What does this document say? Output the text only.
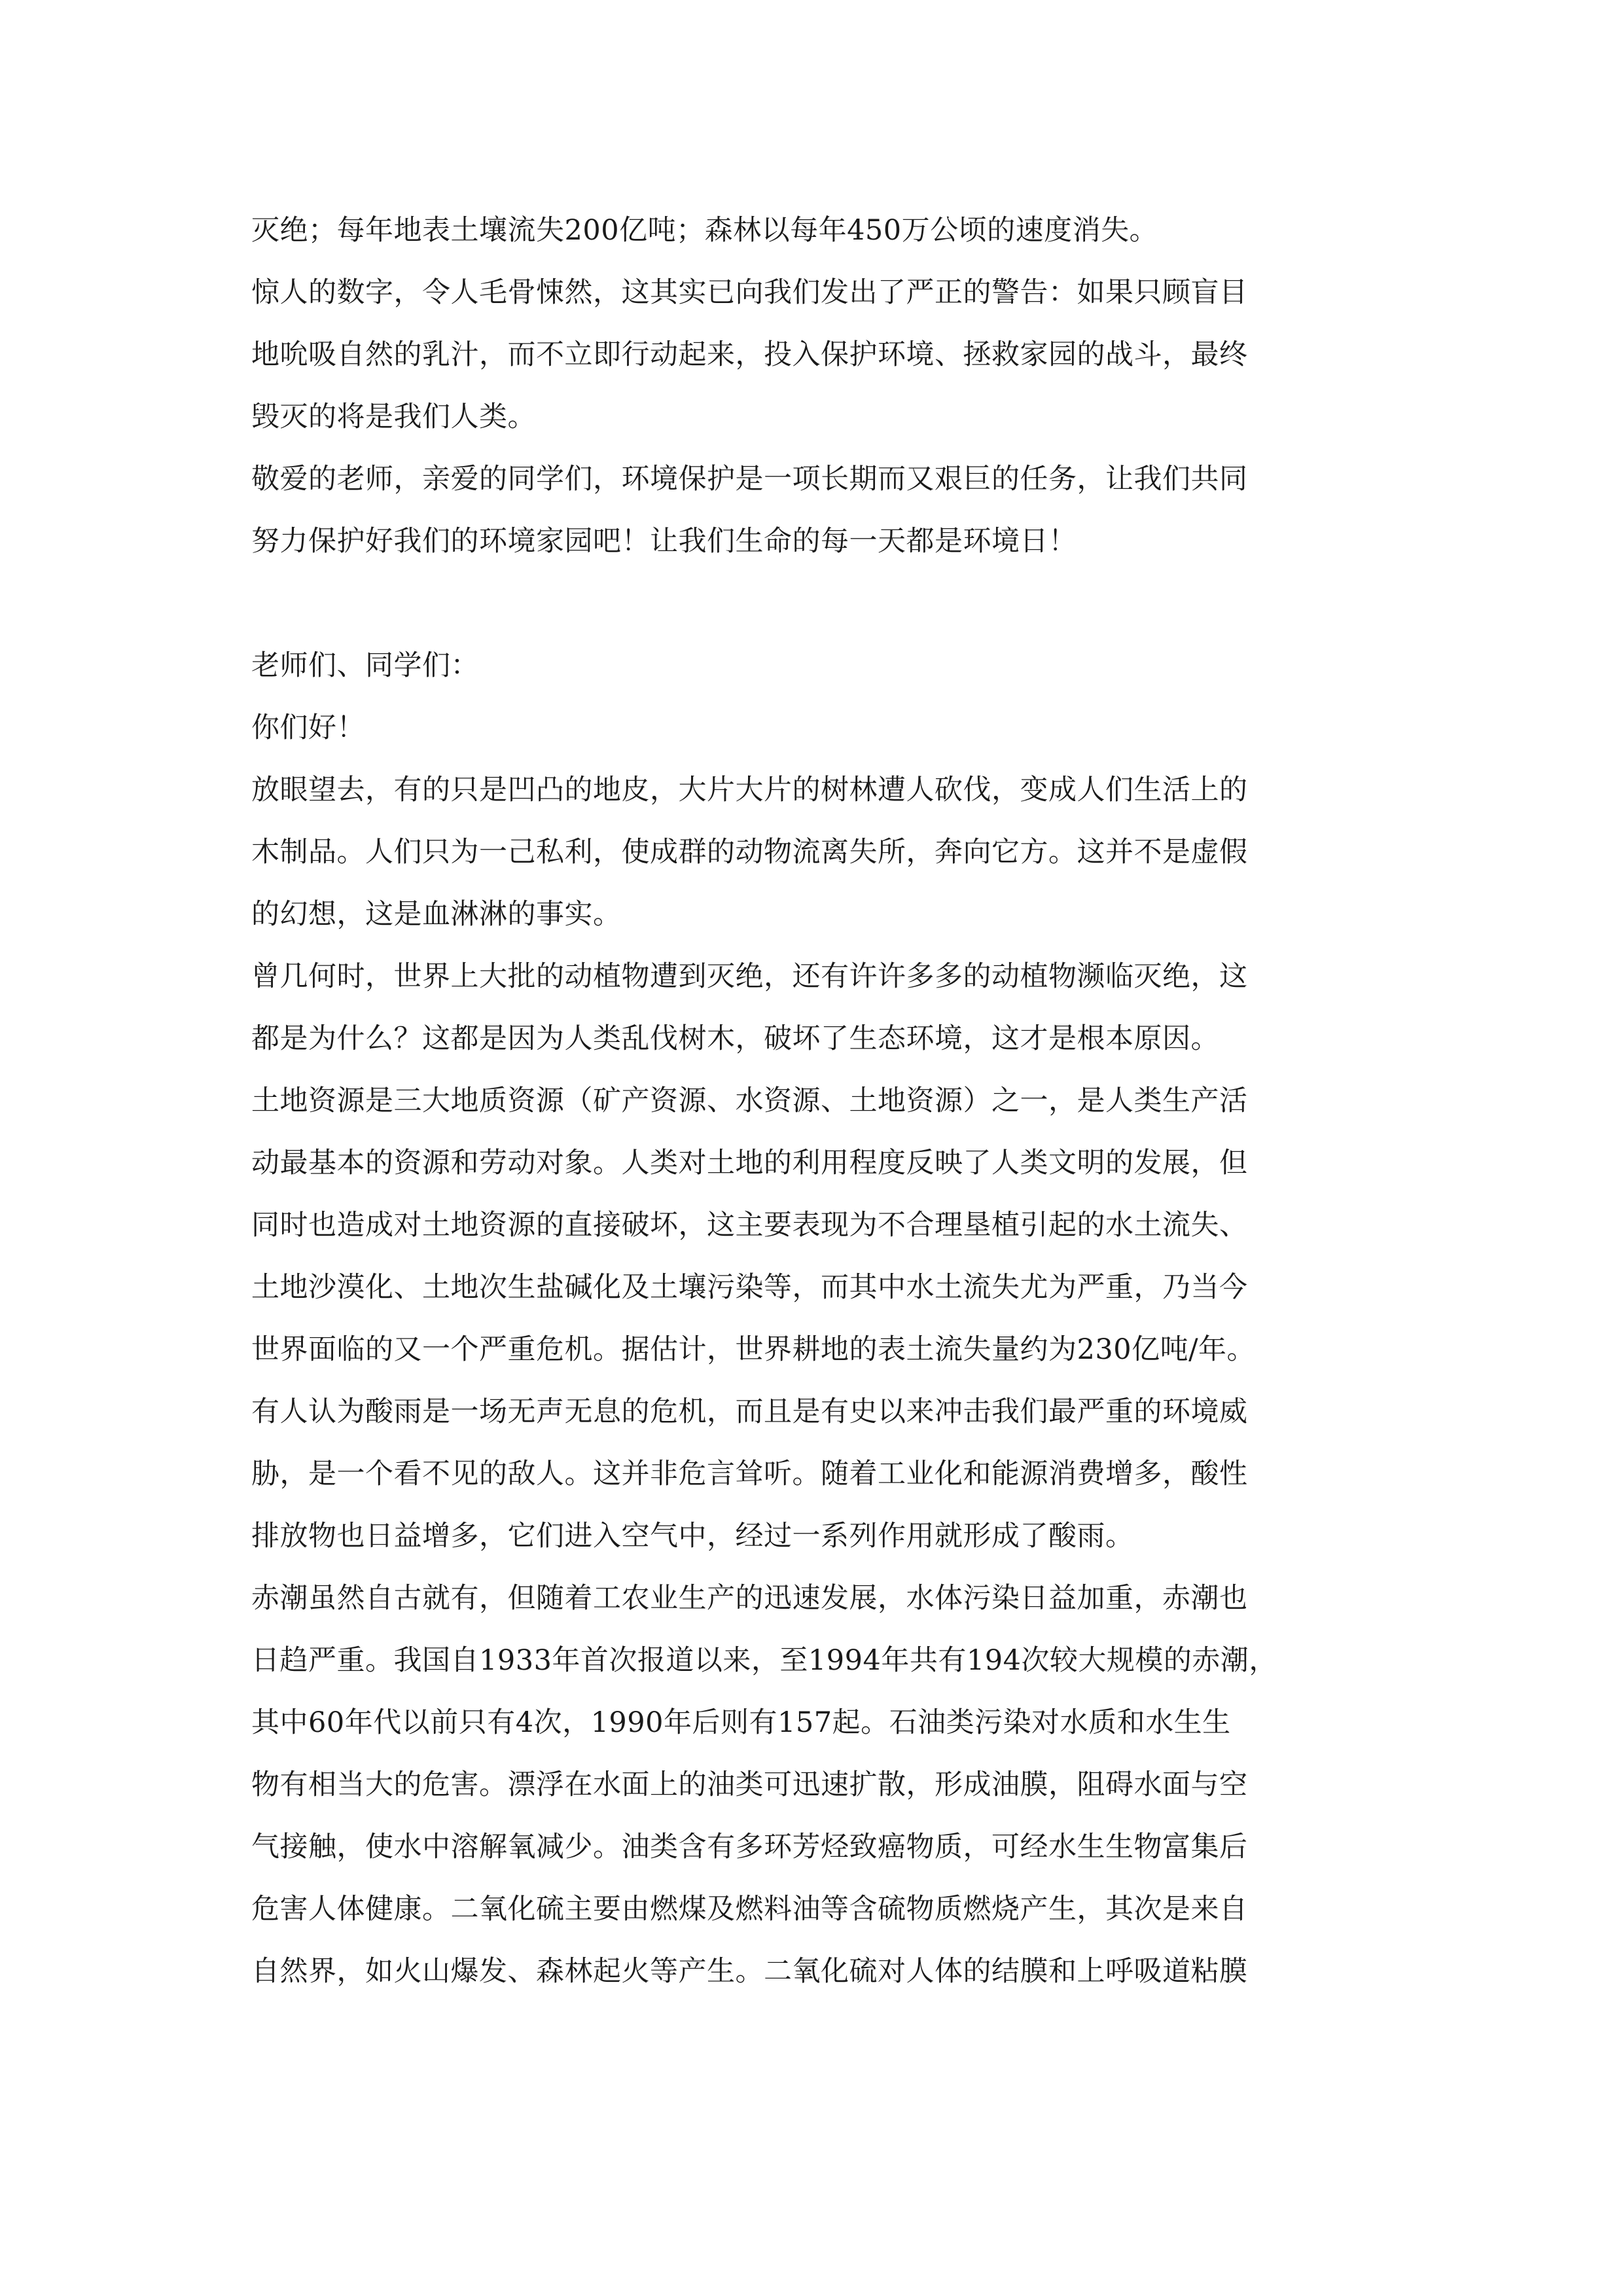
灭绝；每年地表土壤流失200亿吨；森林以每年450万公顷的速度消失。
惊人的数字，令人毛骨悚然，这其实已向我们发出了严正的警告：如果只顾盲目
地吮吸自然的乳汁，而不立即行动起来，投入保护环境、拯救家园的战斗，最终
毁灭的将是我们人类。
敬爱的老师，亲爱的同学们，环境保护是一项长期而又艰巨的任务，让我们共同
努力保护好我们的环境家园吧！让我们生命的每一天都是环境日！
老师们、同学们：
你们好！
放眼望去，有的只是凹凸的地皮，大片大片的树林遭人砍伐，变成人们生活上的
木制品。人们只为一己私利，使成群的动物流离失所，奔向它方。这并不是虚假
的幻想，这是血淋淋的事实。
曾几何时，世界上大批的动植物遭到灭绝，还有许许多多的动植物濒临灭绝，这
都是为什么？这都是因为人类乱伐树木，破坏了生态环境，这才是根本原因。
土地资源是三大地质资源（矿产资源、水资源、土地资源）之一，是人类生产活
动最基本的资源和劳动对象。人类对土地的利用程度反映了人类文明的发展，但
同时也造成对土地资源的直接破坏，这主要表现为不合理垦植引起的水土流失、
土地沙漠化、土地次生盐碱化及土壤污染等，而其中水土流失尤为严重，乃当今
世界面临的又一个严重危机。据估计，世界耕地的表土流失量约为230亿吨/年。
有人认为酸雨是一场无声无息的危机，而且是有史以来冲击我们最严重的环境威
胁，是一个看不见的敌人。这并非危言耸听。随着工业化和能源消费增多，酸性
排放物也日益增多，它们进入空气中，经过一系列作用就形成了酸雨。
赤潮虽然自古就有，但随着工农业生产的迅速发展，水体污染日益加重，赤潮也
日趋严重。我国自1933年首次报道以来，至1994年共有194次较大规模的赤潮，
其中60年代以前只有4次，1990年后则有157起。石油类污染对水质和水生生
物有相当大的危害。漂浮在水面上的油类可迅速扩散，形成油膜，阻碍水面与空
气接触，使水中溶解氧减少。油类含有多环芳烃致癌物质，可经水生生物富集后
危害人体健康。二氧化硫主要由燃煤及燃料油等含硫物质燃烧产生，其次是来自
自然界，如火山爆发、森林起火等产生。二氧化硫对人体的结膜和上呼吸道粘膜
